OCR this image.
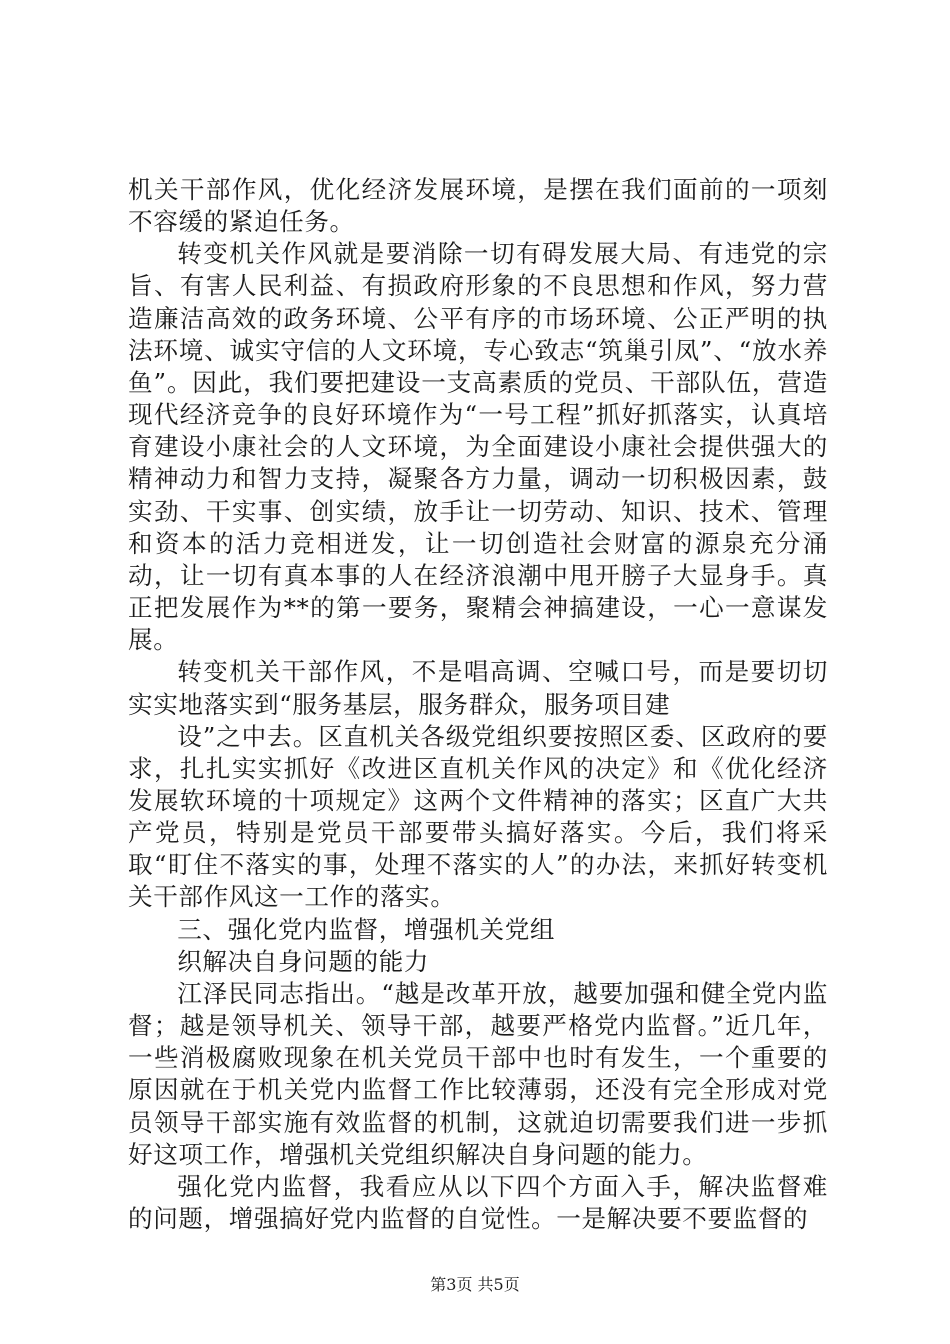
机关干部作风，优化经济发展环境，是摆在我们面前的一项刻不容缓的紧迫任务。

转变机关作风就是要消除一切有碍发展大局、有违党的宗旨、有害人民利益、有损政府形象的不良思想和作风，努力营造廉洁高效的政务环境、公平有序的市场环境、公正严明的执法环境、诚实守信的人文环境，专心致志“筑巢引凤”、“放水养鱼”。因此，我们要把建设一支高素质的党员、干部队伍，营造现代经济竞争的良好环境作为“一号工程”抓好抓落实，认真培育建设小康社会的人文环境，为全面建设小康社会提供强大的精神动力和智力支持，凝聚各方力量，调动一切积极因素，鼓实劲、干实事、创实绩，放手让一切劳动、知识、技术、管理和资本的活力竞相迸发，让一切创造社会财富的源泉充分涌动，让一切有真本事的人在经济浪潮中甩开膀子大显身手。真正把发展作为**的第一要务，聚精会神搞建设，一心一意谋发展。

转变机关干部作风，不是唱高调、空喊口号，而是要切切实实地落实到“服务基层，服务群众，服务项目建

设”之中去。区直机关各级党组织要按照区委、区政府的要求，扎扎实实抓好《改进区直机关作风的决定》和《优化经济发展软环境的十项规定》这两个文件精神的落实；区直广大共产党员，特别是党员干部要带头搞好落实。今后，我们将采取“盯住不落实的事，处理不落实的人”的办法，来抓好转变机关干部作风这一工作的落实。

三、强化党内监督，增强机关党组

织解决自身问题的能力

江泽民同志指出。“越是改革开放，越要加强和健全党内监督；越是领导机关、领导干部，越要严格党内监督。”近几年，一些消极腐败现象在机关党员干部中也时有发生，一个重要的原因就在于机关党内监督工作比较薄弱，还没有完全形成对党员领导干部实施有效监督的机制，这就迫切需要我们进一步抓好这项工作，增强机关党组织解决自身问题的能力。

强化党内监督，我看应从以下四个方面入手，解决监督难的问题，增强搞好党内监督的自觉性。一是解决要不要监督的

第3页 共5页
